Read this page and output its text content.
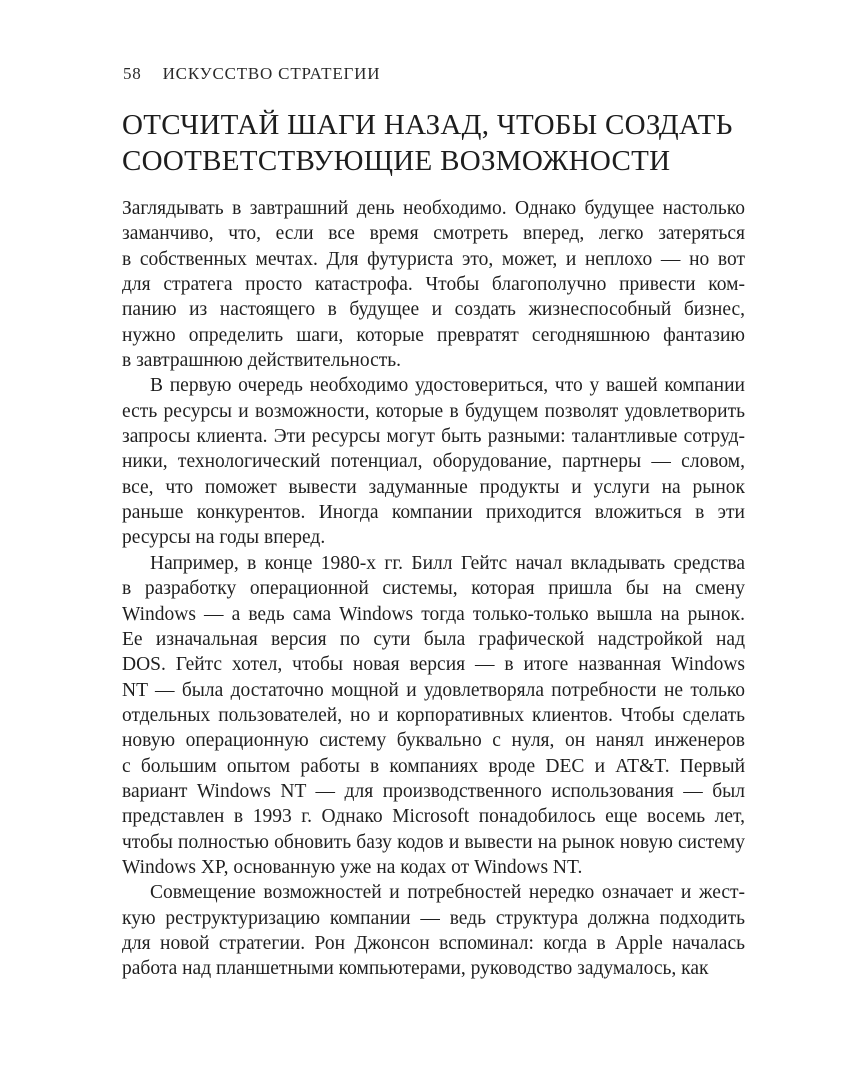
58 ИСКУССТВО СТРАТЕГИИ
ОТСЧИТАЙ ШАГИ НАЗАД, ЧТОБЫ СОЗДАТЬ
СООТВЕТСТВУЮЩИЕ ВОЗМОЖНОСТИ
Заглядывать в завтрашний день необходимо. Однако будущее настолько
заманчиво, что, если все время смотреть вперед, легко затеряться
в собственных мечтах. Для футуриста это, может, и неплохо — но вот
для стратега просто катастрофа. Чтобы благополучно привести ком-
панию из настоящего в будущее и создать жизнеспособный бизнес,
нужно определить шаги, которые превратят сегодняшнюю фантазию
в завтрашнюю действительность.
В первую очередь необходимо удостовериться, что у вашей компании
есть ресурсы и возможности, которые в будущем позволят удовлетворить
запросы клиента. Эти ресурсы могут быть разными: талантливые сотруд-
ники, технологический потенциал, оборудование, партнеры — словом,
все, что поможет вывести задуманные продукты и услуги на рынок
раньше конкурентов. Иногда компании приходится вложиться в эти
ресурсы на годы вперед.
Например, в конце 1980-х гг. Билл Гейтс начал вкладывать средства
в разработку операционной системы, которая пришла бы на смену
Windows — а ведь сама Windows тогда только-только вышла на рынок.
Ее изначальная версия по сути была графической надстройкой над
DOS. Гейтс хотел, чтобы новая версия — в итоге названная Windows
NT — была достаточно мощной и удовлетворяла потребности не только
отдельных пользователей, но и корпоративных клиентов. Чтобы сделать
новую операционную систему буквально с нуля, он нанял инженеров
с большим опытом работы в компаниях вроде DEC и AT&T. Первый
вариант Windows NT — для производственного использования — был
представлен в 1993 г. Однако Microsoft понадобилось еще восемь лет,
чтобы полностью обновить базу кодов и вывести на рынок новую систему
Windows XP, основанную уже на кодах от Windows NT.
Совмещение возможностей и потребностей нередко означает и жест-
кую реструктуризацию компании — ведь структура должна подходить
для новой стратегии. Рон Джонсон вспоминал: когда в Apple началась
работа над планшетными компьютерами, руководство задумалось, как
